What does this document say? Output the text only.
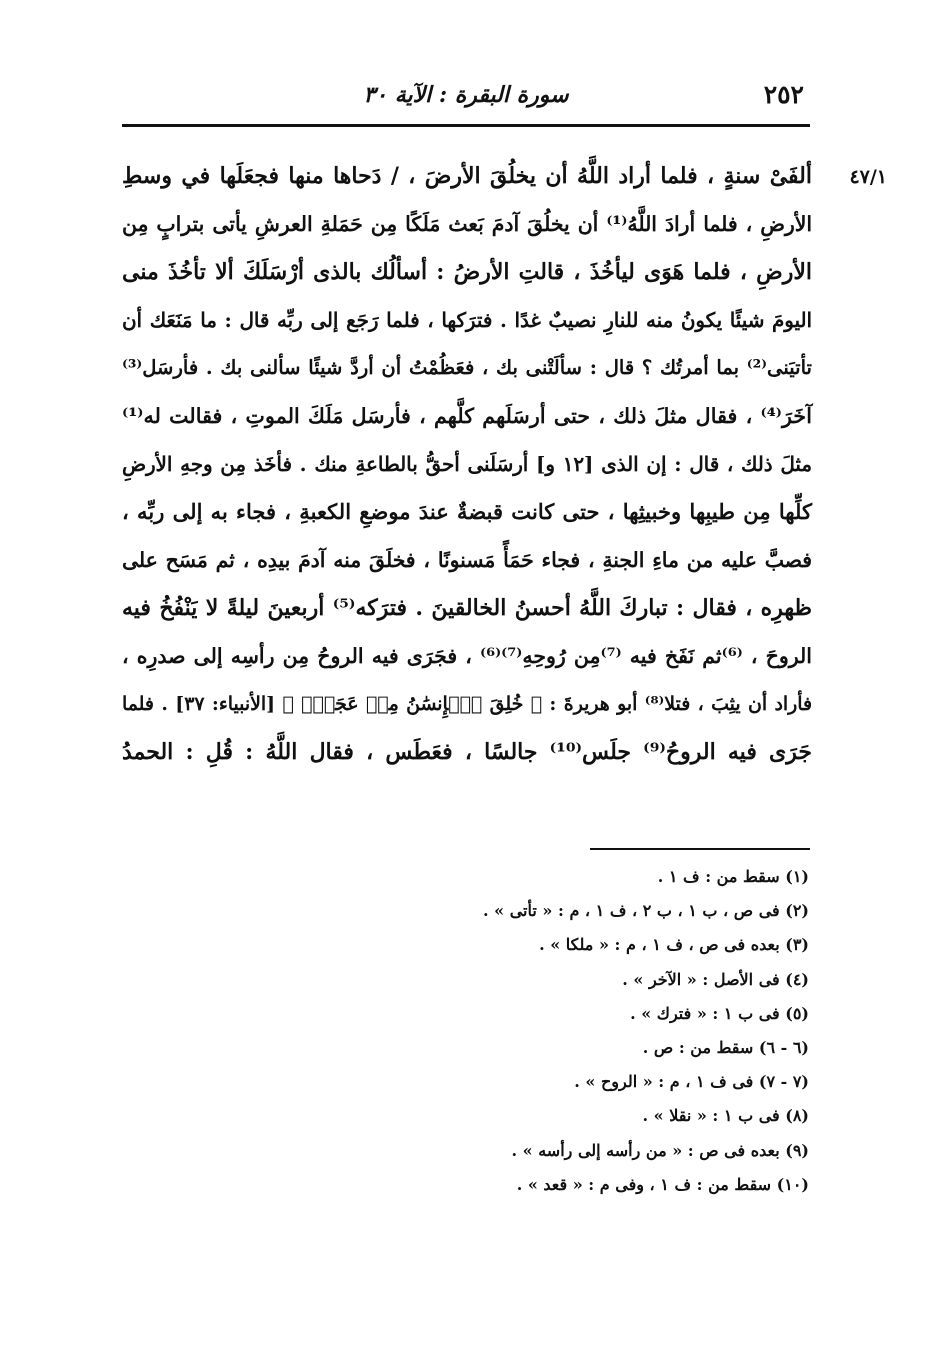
٢٥٢
سورة البقرة : الآية ٣٠
٤٧/١
ألفَىْ سنةٍ ، فلما أراد اللَّهُ أن يخلُقَ الأرضَ ، / دَحاها منها فجعَلَها في وسطِ
الأرضِ ، فلما أرادَ اللَّهُ⁽¹⁾ أن يخلُقَ آدمَ بَعث مَلَكًا مِن حَمَلةِ العرشِ يأتى بترابٍ مِن
الأرضِ ، فلما هَوَى ليأخُذَ ، قالتِ الأرضُ : أسألُك بالذى أرْسَلَكَ ألا تأخُذَ منى
اليومَ شيئًا يكونُ منه للنارِ نصيبٌ غدًا . فترَكها ، فلما رَجَع إلى ربِّه قال : ما مَنَعَك أن
تأتيَنى⁽²⁾ بما أمرتُك ؟ قال : سألَتْنى بك ، فعَظُمْتُ أن أردَّ شيئًا سألنى بك . فأرسَل⁽³⁾
آخَرَ⁽⁴⁾ ، فقال مثلَ ذلك ، حتى أرسَلَهم كلَّهم ، فأرسَل مَلَكَ الموتِ ، فقالت له⁽¹⁾
مثلَ ذلك ، قال : إن الذى [١٢ و] أرسَلَنى أحقُّ بالطاعةِ منك . فأخَذ مِن وجهِ الأرضِ
كلِّها مِن طيبِها وخبيثِها ، حتى كانت قبضةٌ عندَ موضعِ الكعبةِ ، فجاء به إلى ربِّه ،
فصبَّ عليه من ماءِ الجنةِ ، فجاء حَمَأً مَسنونًا ، فخلَقَ منه آدمَ بيدِه ، ثم مَسَح على
ظهرِه ، فقال : تباركَ اللَّهُ أحسنُ الخالقينَ . فترَكه⁽⁵⁾ أربعينَ ليلةً لا يَنْفُخُ فيه
الروحَ ، ⁽⁶⁾ثم نَفَخ فيه ⁽⁷⁾مِن رُوحِهِ⁽⁷⁾⁽⁶⁾ ، فجَرَى فيه الروحُ مِن رأسِه إلى صدرِه ،
فأراد أن يثِبَ ، فتلا⁽⁸⁾ أبو هريرةَ : ﴿ خُلِقَ ٱلۡإِنسَٰنُ مِنۡ عَجَلٍۚ ﴾ [الأنبياء: ٣٧] . فلما
جَرَى فيه الروحُ⁽⁹⁾ جلَس⁽¹⁰⁾ جالسًا ، فعَطَس ، فقال اللَّهُ : قُلِ : الحمدُ
(١) سقط من : ف ١ .
(٢) فى ص ، ب ١ ، ب ٢ ، ف ١ ، م : « تأتى » .
(٣) بعده فى ص ، ف ١ ، م : « ملكا » .
(٤) فى الأصل : « الآخر » .
(٥) فى ب ١ : « فترك » .
(٦ - ٦) سقط من : ص .
(٧ - ٧) فى ف ١ ، م : « الروح » .
(٨) فى ب ١ : « نقلا » .
(٩) بعده فى ص : « من رأسه إلى رأسه » .
(١٠) سقط من : ف ١ ، وفى م : « قعد » .
